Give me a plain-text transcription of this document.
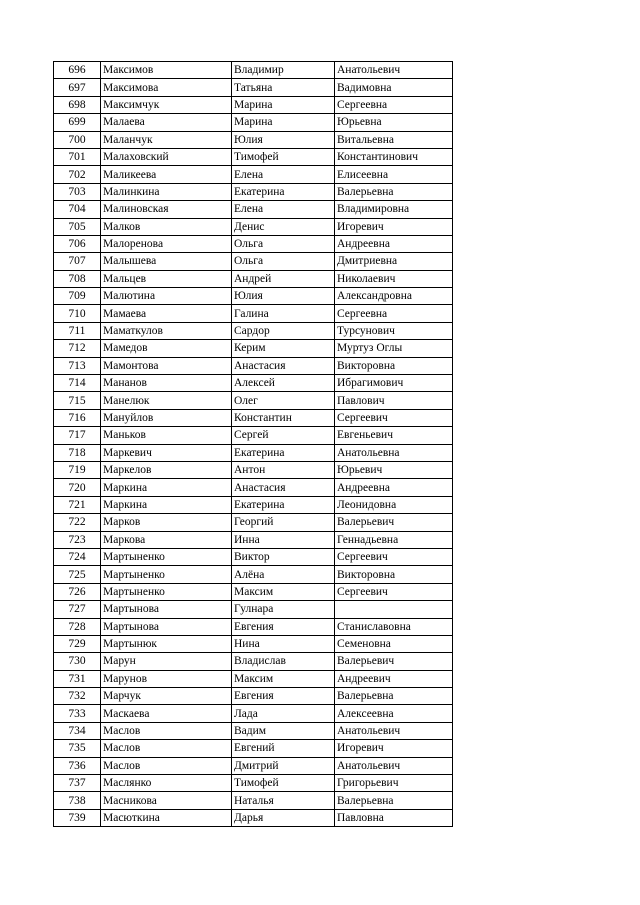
696	Максимов	Владимир	Анатольевич
697	Максимова	Татьяна	Вадимовна
698	Максимчук	Марина	Сергеевна
699	Малаева	Марина	Юрьевна
700	Маланчук	Юлия	Витальевна
701	Малаховский	Тимофей	Константинович
702	Маликеева	Елена	Елисеевна
703	Малинкина	Екатерина	Валерьевна
704	Малиновская	Елена	Владимировна
705	Малков	Денис	Игоревич
706	Малоренова	Ольга	Андреевна
707	Малышева	Ольга	Дмитриевна
708	Мальцев	Андрей	Николаевич
709	Малютина	Юлия	Александровна
710	Мамаева	Галина	Сергеевна
711	Маматкулов	Сардор	Турсунович
712	Мамедов	Керим	Муртуз Оглы
713	Мамонтова	Анастасия	Викторовна
714	Мананов	Алексей	Ибрагимович
715	Манелюк	Олег	Павлович
716	Мануйлов	Константин	Сергеевич
717	Маньков	Сергей	Евгеньевич
718	Маркевич	Екатерина	Анатольевна
719	Маркелов	Антон	Юрьевич
720	Маркина	Анастасия	Андреевна
721	Маркина	Екатерина	Леонидовна
722	Марков	Георгий	Валерьевич
723	Маркова	Инна	Геннадьевна
724	Мартыненко	Виктор	Сергеевич
725	Мартыненко	Алёна	Викторовна
726	Мартыненко	Максим	Сергеевич
727	Мартынова	Гулнара	
728	Мартынова	Евгения	Станиславовна
729	Мартынюк	Нина	Семеновна
730	Марун	Владислав	Валерьевич
731	Марунов	Максим	Андреевич
732	Марчук	Евгения	Валерьевна
733	Маскаева	Лада	Алексеевна
734	Маслов	Вадим	Анатольевич
735	Маслов	Евгений	Игоревич
736	Маслов	Дмитрий	Анатольевич
737	Маслянко	Тимофей	Григорьевич
738	Масникова	Наталья	Валерьевна
739	Масюткина	Дарья	Павловна
